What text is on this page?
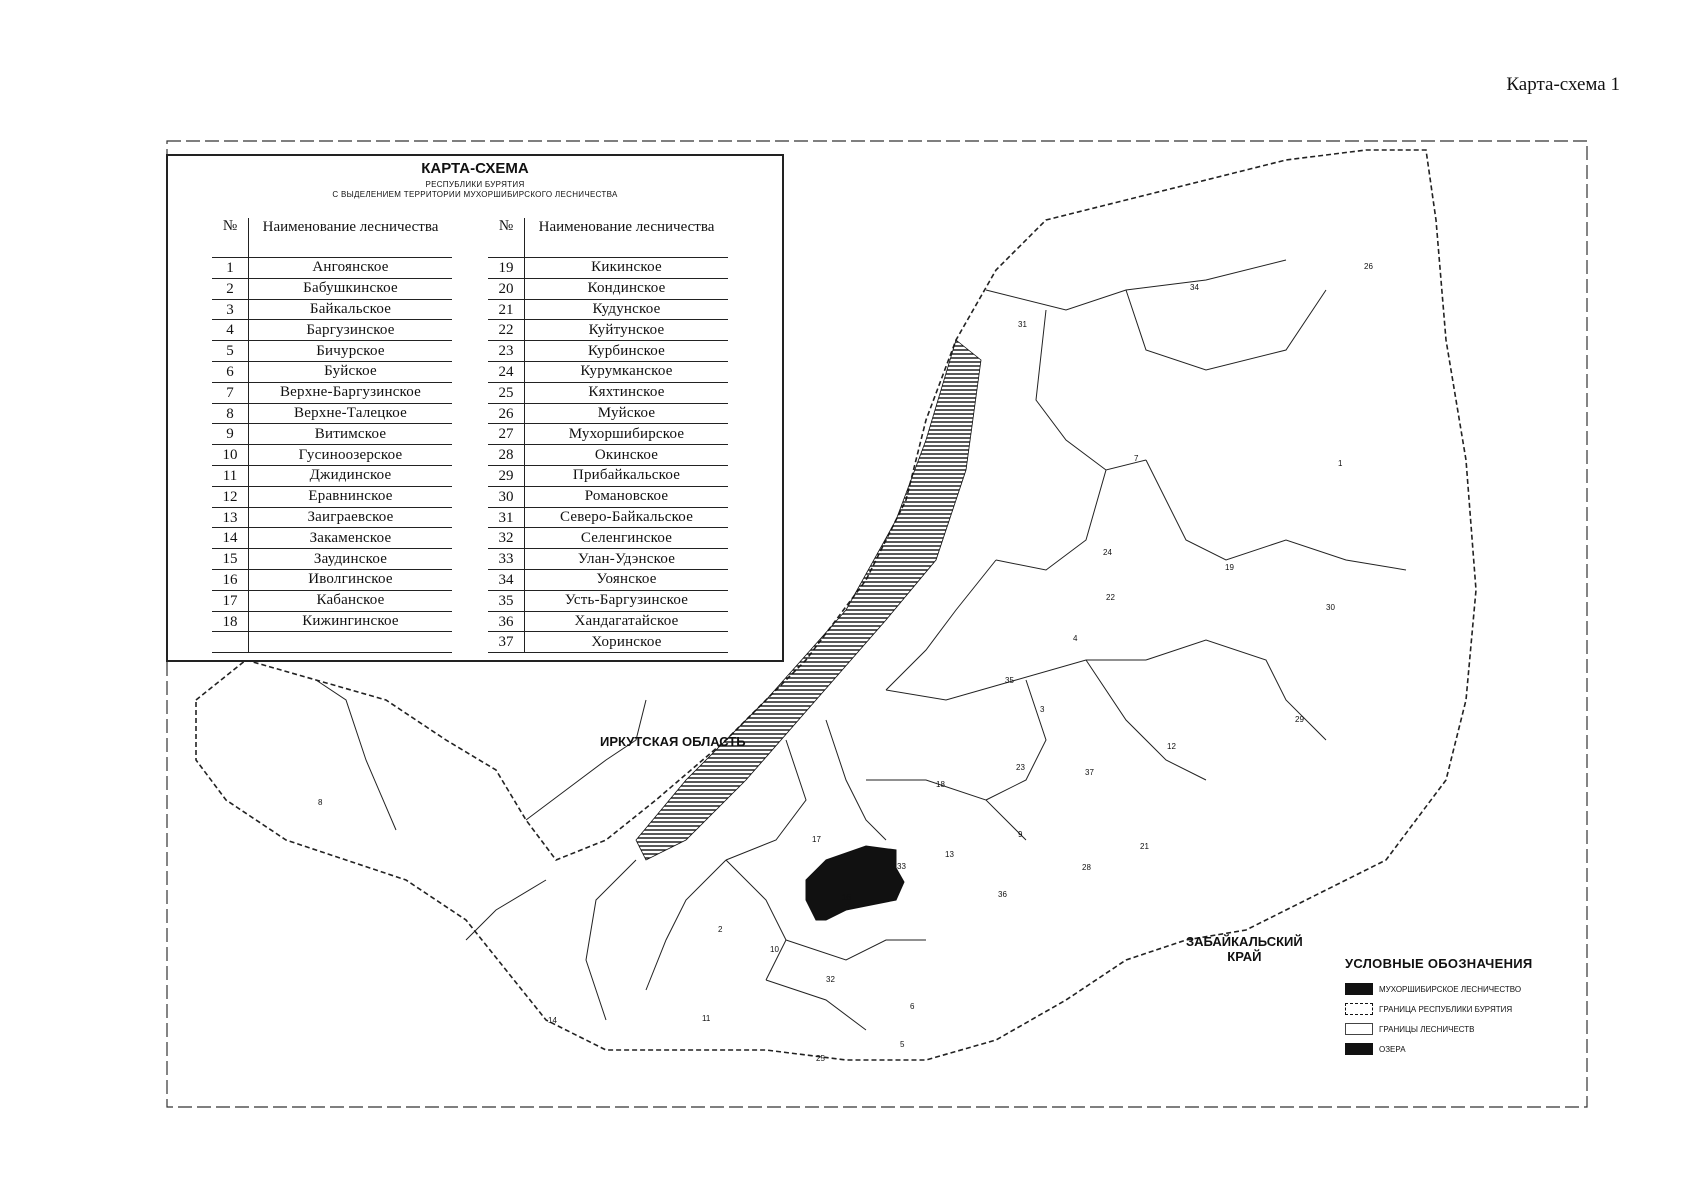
Карта-схема 1
34
26
31
7
1
24
22
4
30
35
3
12
29
18
23
37
9
21
28
17
33
13
16	36
2
10
32
14	11
6
25
5
8
19
ИРКУТСКАЯ ОБЛАСТЬ
ЗАБАЙКАЛЬСКИЙ
КРАЙ
КАРТА-СХЕМА
РЕСПУБЛИКИ БУРЯТИЯ
С ВЫДЕЛЕНИЕМ ТЕРРИТОРИИ МУХОРШИБИРСКОГО ЛЕСНИЧЕСТВА
№	Наименование лесничества
1	Ангоянское
2	Бабушкинское
3	Байкальское
4	Баргузинское
5	Бичурское
6	Буйское
7	Верхне-Баргузинское
8	Верхне-Талецкое
9	Витимское
10	Гусиноозерское
11	Джидинское
12	Еравнинское
13	Заиграевское
14	Закаменское
15	Заудинское
16	Иволгинское
17	Кабанское
18	Кижингинское
№	Наименование лесничества
19	Кикинское
20	Кондинское
21	Кудунское
22	Куйтунское
23	Курбинское
24	Курумканское
25	Кяхтинское
26	Муйское
27	Мухоршибирское
28	Окинское
29	Прибайкальское
30	Романовское
31	Северо-Байкальское
32	Селенгинское
33	Улан-Удэнское
34	Уоянское
35	Усть-Баргузинское
36	Хандагатайское
37	Хоринское
УСЛОВНЫЕ ОБОЗНАЧЕНИЯ
МУХОРШИБИРСКОЕ ЛЕСНИЧЕСТВО
ГРАНИЦА РЕСПУБЛИКИ БУРЯТИЯ
ГРАНИЦЫ ЛЕСНИЧЕСТВ
ОЗЕРА
